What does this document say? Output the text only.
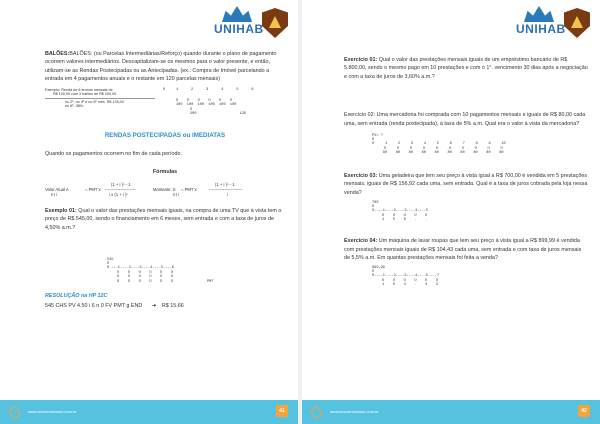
UNIHAB

BALÕES:BALÕES: (ou Parcelas Intermediárias/Reforço) quando durante o plano de pagamento ocorrem valores intermediários. Descapitalizam-se os mesmos para o valor presente, e então, utilizam-se as Rendas Postecipadas ou as Antecipadas. (ex.: Compra de Imóvel parcelando a entrada em 4 pagamentos anuais e o restante em 120 parcelas mensais)

Exemplo: Renda de 6 termos mensais de
R$ 100,00 com 3 balões de R$ 200,00
0     1      2      3      4      5      6
no 2º, no 4º e no 6º mês. R$ 135,00
no 6º. 38%.
Ü    Ü    Ü    Ü    Ü    Ü
100  100  100  100  100  100
Ü
200                    135
RENDAS POSTECIPADAS ou IMEDIATAS

Quando os pagamentos ocorrem no fim de cada período.

Fórmulas
Valor Atual A
n⌉ i
= PMT x
(1 + i )ⁿ - 1
----------------------
i x (1 + i )ⁿ
Montante: S
n⌉ i
= PMT x
(1 + i )ⁿ - 1
------------------------
i

Exemplo 01: Qual o valor das prestações mensais iguais, na compra de uma TV que à vista tem o preço de R$ 545,00, sendo o financiamento em 6 meses, sem entrada e com a taxa de juros de 4,50% a.m.?

545
Ü
0----1----2----3----4----5----6
Ü    Ü    Ü    Ü    Ü    Ü
Ü    Ü    Ü    Ü    Ü    Ü
Ü    Ü    Ü    Ü    Ü    Ü	PMT
RESOLUÇÃO na HP 12C
545 CHS PV 4.50 i 6 n 0 FV PMT g END ➔ R$ 15,66
www.seuvendnosso.com.br	41
UNIHAB

Exercício 01: Qual o valor das prestações mensais iguais de um empréstimo bancário de R$ 5.800,00, sendo o mesmo pago em 10 prestações e com o 1°. vencimento 30 dias após a negociação e com a taxa de juros de 3,60% a.m.?

Exercício 02: Uma mercadoria foi comprada com 10 pagamentos mensais e iguais de R$ 80,00 cada uma, sem entrada (renda postecipada), à taxa de 5% a.m. Qual era o valor à vista da mercadoria?

PV= ?
Ü
0     1     2     3     4     5     6     7     8     9     10
Ü     Ü     Ü     Ü     Ü     Ü     Ü     Ü     Ü     Ü
80    80    80    80    80    80    80    80    80    80

Exercício 03: Uma geladeira que tem seu preço à vista igual a R$ 700,00 é vendida em 5 prestações mensais, iguais de R$ 156,92 cada uma, sem entrada. Qual é a taxa de juros cobrada pela loja nessa venda?

700
Ü
0----1----2----3----4----5
Ü    Ü    Ü    Ü    Ü
1    5    6    .    .

Exercício 04: Um máquina de lavar roupas que tem seu preço à vista igual a R$ 899,99 é vendida com prestações mensais iguais de R$ 104,43 cada uma, sem entrada e com taxa de juros mensais de 5,5% a.m. Em quantas prestações mensais foi feita a venda?

899,99
Ü
0----1----2----3----4----5----?
Ü    Ü    Ü    Ü    Ü    Ü
1    0    4    .    4    3
www.seuvendnosso.com.br	42
